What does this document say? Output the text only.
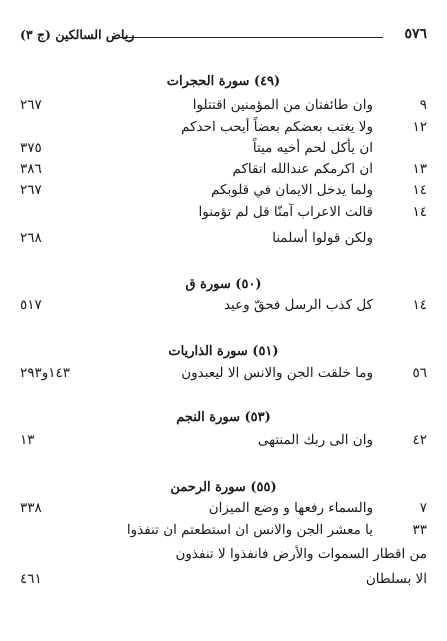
٥٧٦
رياض السالكين (ج ٣)
(٤٩) سورة الحجرات
٩
وان طائفتان من المؤمنين اقتتلوا
٢٦٧
١٢
ولا يغتب بعضكم بعضاً أيحب احدكم
ان يأكل لحم أخيه ميتاً
٣٧٥
١٣
ان اكرمكم عندالله اتقاكم
٣٨٦
١٤
ولما يدخل الايمان في قلوبكم
٢٦٧
١٤
قالت الاعراب آمنّا قل لم تؤمنوا
ولكن قولوا أسلمنا
٢٦٨
(٥٠) سورة ق
١٤
كل كذب الرسل فحقّ وعيد
٥١٧
(٥١) سورة الذاريات
٥٦
وما خلقت الجن والانس الا ليعبدون
١٤٣و٢٩٣
(٥٣) سورة النجم
٤٢
وان الى ربك المنتهى
١٣
(٥٥) سورة الرحمن
٧
والسماء رفعها و وضع الميزان
٣٣٨
٣٣
يا معشر الجن والانس ان استطعتم ان تنفذوا
من اقطار السموات والأرض فانفذوا لا تنفذون
الا بسلطان
٤٦١
